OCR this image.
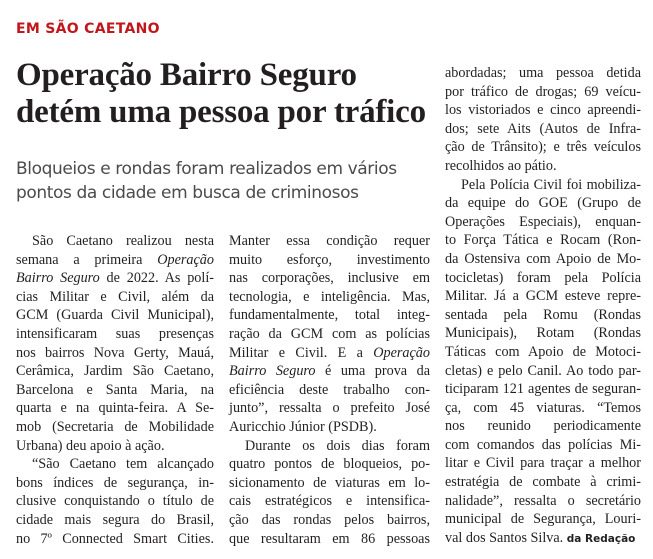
EM SÃO CAETANO
Operação Bairro Seguro
detém uma pessoa por tráfico
Bloqueios e rondas foram realizados em vários
pontos da cidade em busca de criminosos
São Caetano realizou nesta
semana a primeira Operação
Bairro Seguro de 2022. As polí-
cias Militar e Civil, além da
GCM (Guarda Civil Municipal),
intensificaram suas presenças
nos bairros Nova Gerty, Mauá,
Cerâmica, Jardim São Caetano,
Barcelona e Santa Maria, na
quarta e na quinta-feira. A Se-
mob (Secretaria de Mobilidade
Urbana) deu apoio à ação.
“São Caetano tem alcançado
bons índices de segurança, in-
clusive conquistando o título de
cidade mais segura do Brasil,
no 7º Connected Smart Cities.
Manter essa condição requer
muito esforço, investimento
nas corporações, inclusive em
tecnologia, e inteligência. Mas,
fundamentalmente, total integ-
ração da GCM com as polícias
Militar e Civil. E a Operação
Bairro Seguro é uma prova da
eficiência deste trabalho con-
junto”, ressalta o prefeito José
Auricchio Júnior (PSDB).
Durante os dois dias foram
quatro pontos de bloqueios, po-
sicionamento de viaturas em lo-
cais estratégicos e intensifica-
ção das rondas pelos bairros,
que resultaram em 86 pessoas
abordadas; uma pessoa detida
por tráfico de drogas; 69 veícu-
los vistoriados e cinco apreendi-
dos; sete Aits (Autos de Infra-
ção de Trânsito); e três veículos
recolhidos ao pátio.
Pela Polícia Civil foi mobiliza-
da equipe do GOE (Grupo de
Operações Especiais), enquan-
to Força Tática e Rocam (Ron-
da Ostensiva com Apoio de Mo-
tocicletas) foram pela Polícia
Militar. Já a GCM esteve repre-
sentada pela Romu (Rondas
Municipais), Rotam (Rondas
Táticas com Apoio de Motoci-
cletas) e pelo Canil. Ao todo par-
ticiparam 121 agentes de seguran-
ça, com 45 viaturas. “Temos
nos reunido periodicamente
com comandos das polícias Mi-
litar e Civil para traçar a melhor
estratégia de combate à crimi-
nalidade”, ressalta o secretário
municipal de Segurança, Louri-
val dos Santos Silva. da Redação
